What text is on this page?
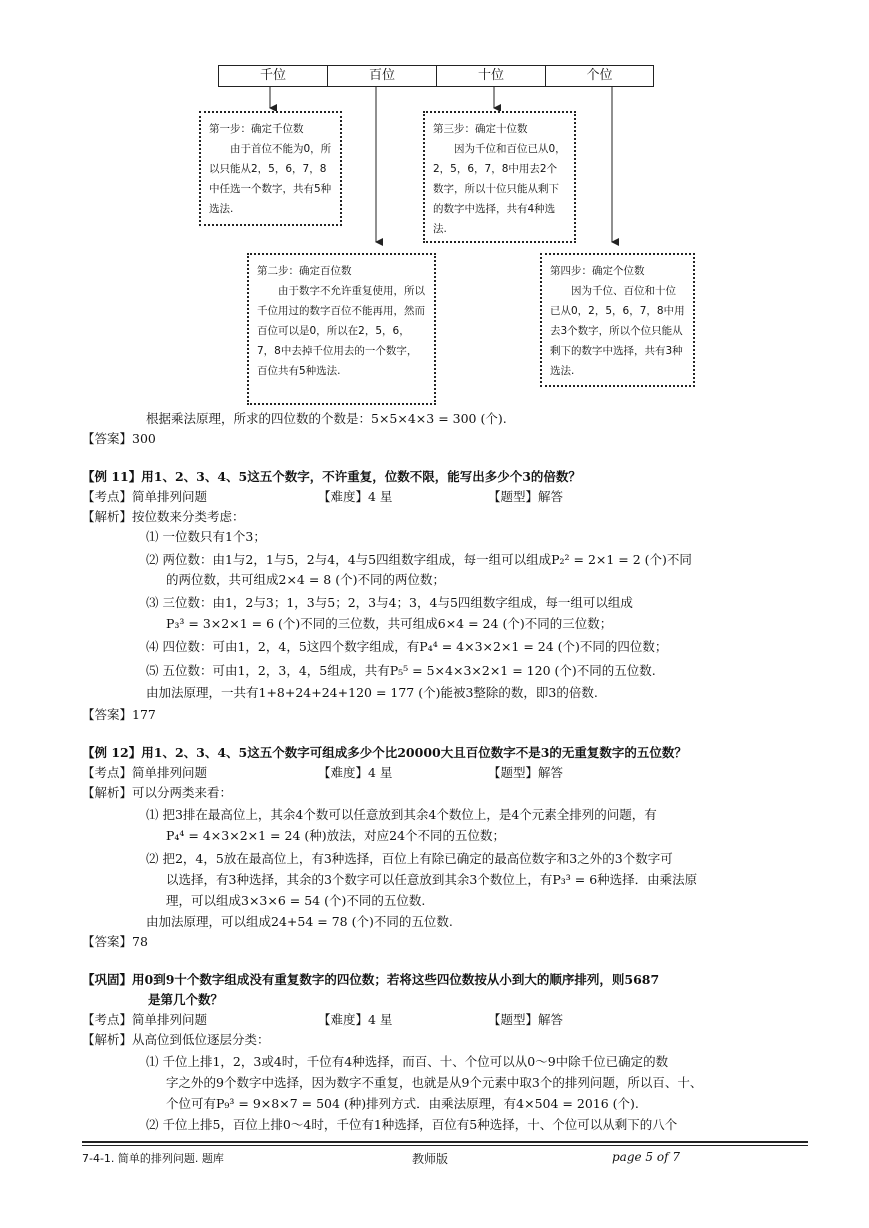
千位	百位	十位	个位
第一步：确定千位数
由于首位不能为0，所以只能从2，5，6，7，8中任选一个数字，共有5种选法.
第三步：确定十位数
因为千位和百位已从0，2，5，6，7，8中用去2个数字，所以十位只能从剩下的数字中选择，共有4种选法.
第二步：确定百位数
由于数字不允许重复使用，所以千位用过的数字百位不能再用，然而百位可以是0，所以在2，5，6，7，8中去掉千位用去的一个数字，百位共有5种选法.
第四步：确定个位数
因为千位、百位和十位已从0，2，5，6，7，8中用去3个数字，所以个位只能从剩下的数字中选择，共有3种选法.
根据乘法原理，所求的四位数的个数是：5×5×4×3 = 300 (个).
【答案】300
【例 11】用1、2、3、4、5这五个数字，不许重复，位数不限，能写出多少个3的倍数？
【考点】简单排列问题	【难度】4 星	【题型】解答
【解析】按位数来分类考虑：
⑴ 一位数只有1个3；
⑵ 两位数：由1与2，1与5，2与4，4与5四组数字组成，每一组可以组成P₂² = 2×1 = 2 (个)不同
的两位数，共可组成2×4 = 8 (个)不同的两位数；
⑶ 三位数：由1，2与3；1，3与5；2，3与4；3，4与5四组数字组成，每一组可以组成
P₃³ = 3×2×1 = 6 (个)不同的三位数，共可组成6×4 = 24 (个)不同的三位数；
⑷ 四位数：可由1，2，4，5这四个数字组成，有P₄⁴ = 4×3×2×1 = 24 (个)不同的四位数；
⑸ 五位数：可由1，2，3，4，5组成，共有P₅⁵ = 5×4×3×2×1 = 120 (个)不同的五位数.
由加法原理，一共有1+8+24+24+120 = 177 (个)能被3整除的数，即3的倍数.
【答案】177
【例 12】用1、2、3、4、5这五个数字可组成多少个比20000大且百位数字不是3的无重复数字的五位数？
【考点】简单排列问题	【难度】4 星	【题型】解答
【解析】可以分两类来看：
⑴ 把3排在最高位上，其余4个数可以任意放到其余4个数位上，是4个元素全排列的问题，有
P₄⁴ = 4×3×2×1 = 24 (种)放法，对应24个不同的五位数；
⑵ 把2，4，5放在最高位上，有3种选择，百位上有除已确定的最高位数字和3之外的3个数字可
以选择，有3种选择，其余的3个数字可以任意放到其余3个数位上，有P₃³ = 6种选择．由乘法原
理，可以组成3×3×6 = 54 (个)不同的五位数.
由加法原理，可以组成24+54 = 78 (个)不同的五位数.
【答案】78
【巩固】用0到9十个数字组成没有重复数字的四位数；若将这些四位数按从小到大的顺序排列，则5687
是第几个数？
【考点】简单排列问题	【难度】4 星	【题型】解答
【解析】从高位到低位逐层分类：
⑴ 千位上排1，2，3或4时，千位有4种选择，而百、十、个位可以从0～9中除千位已确定的数
字之外的9个数字中选择，因为数字不重复，也就是从9个元素中取3个的排列问题，所以百、十、
个位可有P₉³ = 9×8×7 = 504 (种)排列方式．由乘法原理，有4×504 = 2016 (个).
⑵ 千位上排5，百位上排0～4时，千位有1种选择，百位有5种选择，十、个位可以从剩下的八个
7-4-1. 简单的排列问题. 题库	教师版	page 5 of 7
